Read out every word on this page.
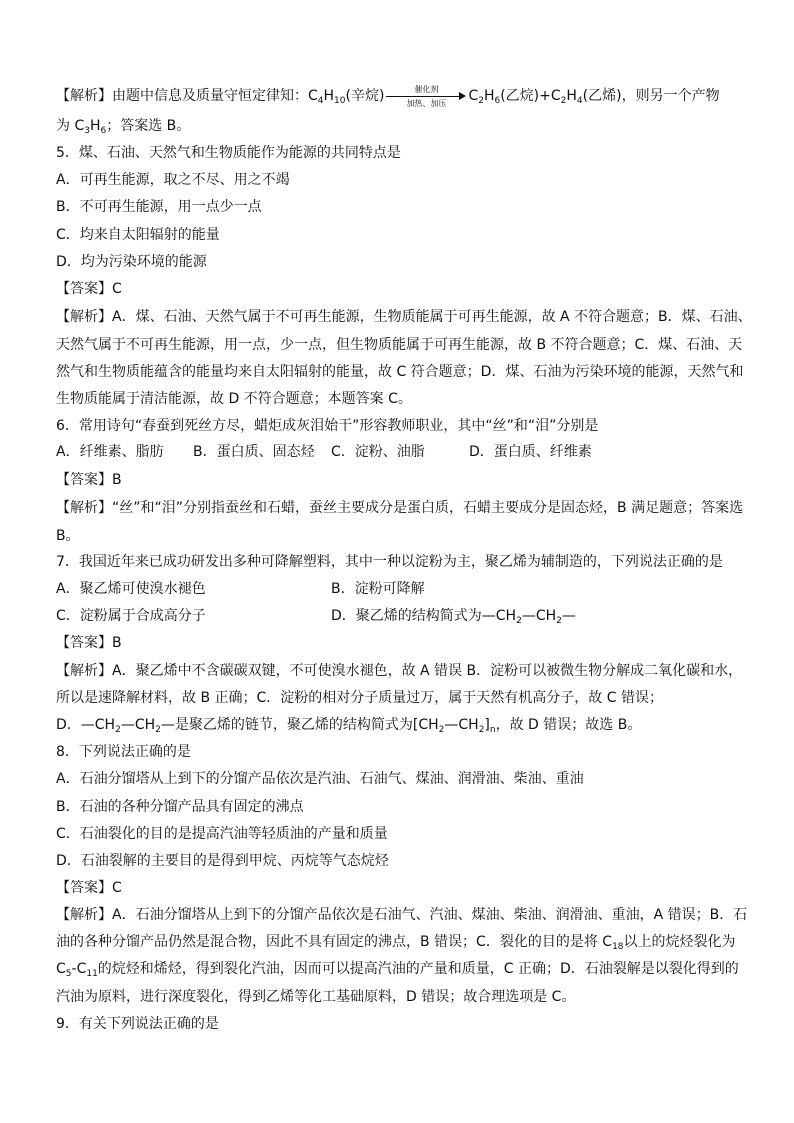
【解析】由题中信息及质量守恒定律知：$C_4H_{10}$(辛烷)	催化剂
加热、加压	$C_2H_6$(乙烷)$+C_2H_4$(乙烯)，则另一个产物
为 $C_3H_6$；答案选 B。
5．煤、石油、天然气和生物质能作为能源的共同特点是
A．可再生能源，取之不尽、用之不竭
B．不可再生能源，用一点少一点
C．均来自太阳辐射的能量
D．均为污染环境的能源
【答案】C
【解析】A．煤、石油、天然气属于不可再生能源，生物质能属于可再生能源，故 A 不符合题意；B．煤、石油、
天然气属于不可再生能源，用一点，少一点，但生物质能属于可再生能源，故 B 不符合题意；C．煤、石油、天
然气和生物质能蕴含的能量均来自太阳辐射的能量，故 C 符合题意；D．煤、石油为污染环境的能源，天然气和
生物质能属于清洁能源，故 D 不符合题意；本题答案 C。
6．常用诗句“春蚕到死丝方尽，蜡炬成灰泪始干”形容教师职业，其中“丝”和“泪”分别是
A．纤维素、脂肪 B．蛋白质、固态烃 C．淀粉、油脂	D．蛋白质、纤维素
【答案】B
【解析】“丝”和“泪”分别指蚕丝和石蜡，蚕丝主要成分是蛋白质，石蜡主要成分是固态烃，B 满足题意；答案选
B。
7．我国近年来已成功研发出多种可降解塑料，其中一种以淀粉为主，聚乙烯为辅制造的，下列说法正确的是
A．聚乙烯可使溴水褪色	B．淀粉可降解
C．淀粉属于合成高分子	D．聚乙烯的结构简式为$—CH_2—CH_2—$
【答案】B
【解析】A．聚乙烯中不含碳碳双键，不可使溴水褪色，故 A 错误 B．淀粉可以被微生物分解成二氧化碳和水，
所以是速降解材料，故 B 正确；C．淀粉的相对分子质量过万，属于天然有机高分子，故 C 错误；
D．$—CH_2—CH_2—$是聚乙烯的链节，聚乙烯的结构简式为$[CH_2—CH_2]_n$，故 D 错误；故选 B。
8．下列说法正确的是
A．石油分馏塔从上到下的分馏产品依次是汽油、石油气、煤油、润滑油、柴油、重油
B．石油的各种分馏产品具有固定的沸点
C．石油裂化的目的是提高汽油等轻质油的产量和质量
D．石油裂解的主要目的是得到甲烷、丙烷等气态烷烃
【答案】C
【解析】A．石油分馏塔从上到下的分馏产品依次是石油气、汽油、煤油、柴油、润滑油、重油，A 错误；B．石
油的各种分馏产品仍然是混合物，因此不具有固定的沸点，B 错误；C．裂化的目的是将 $C_{18}$以上的烷烃裂化为
$C_5-C_{11}$的烷烃和烯烃，得到裂化汽油，因而可以提高汽油的产量和质量，C 正确；D．石油裂解是以裂化得到的
汽油为原料，进行深度裂化，得到乙烯等化工基础原料，D 错误；故合理选项是 C。
9．有关下列说法正确的是
